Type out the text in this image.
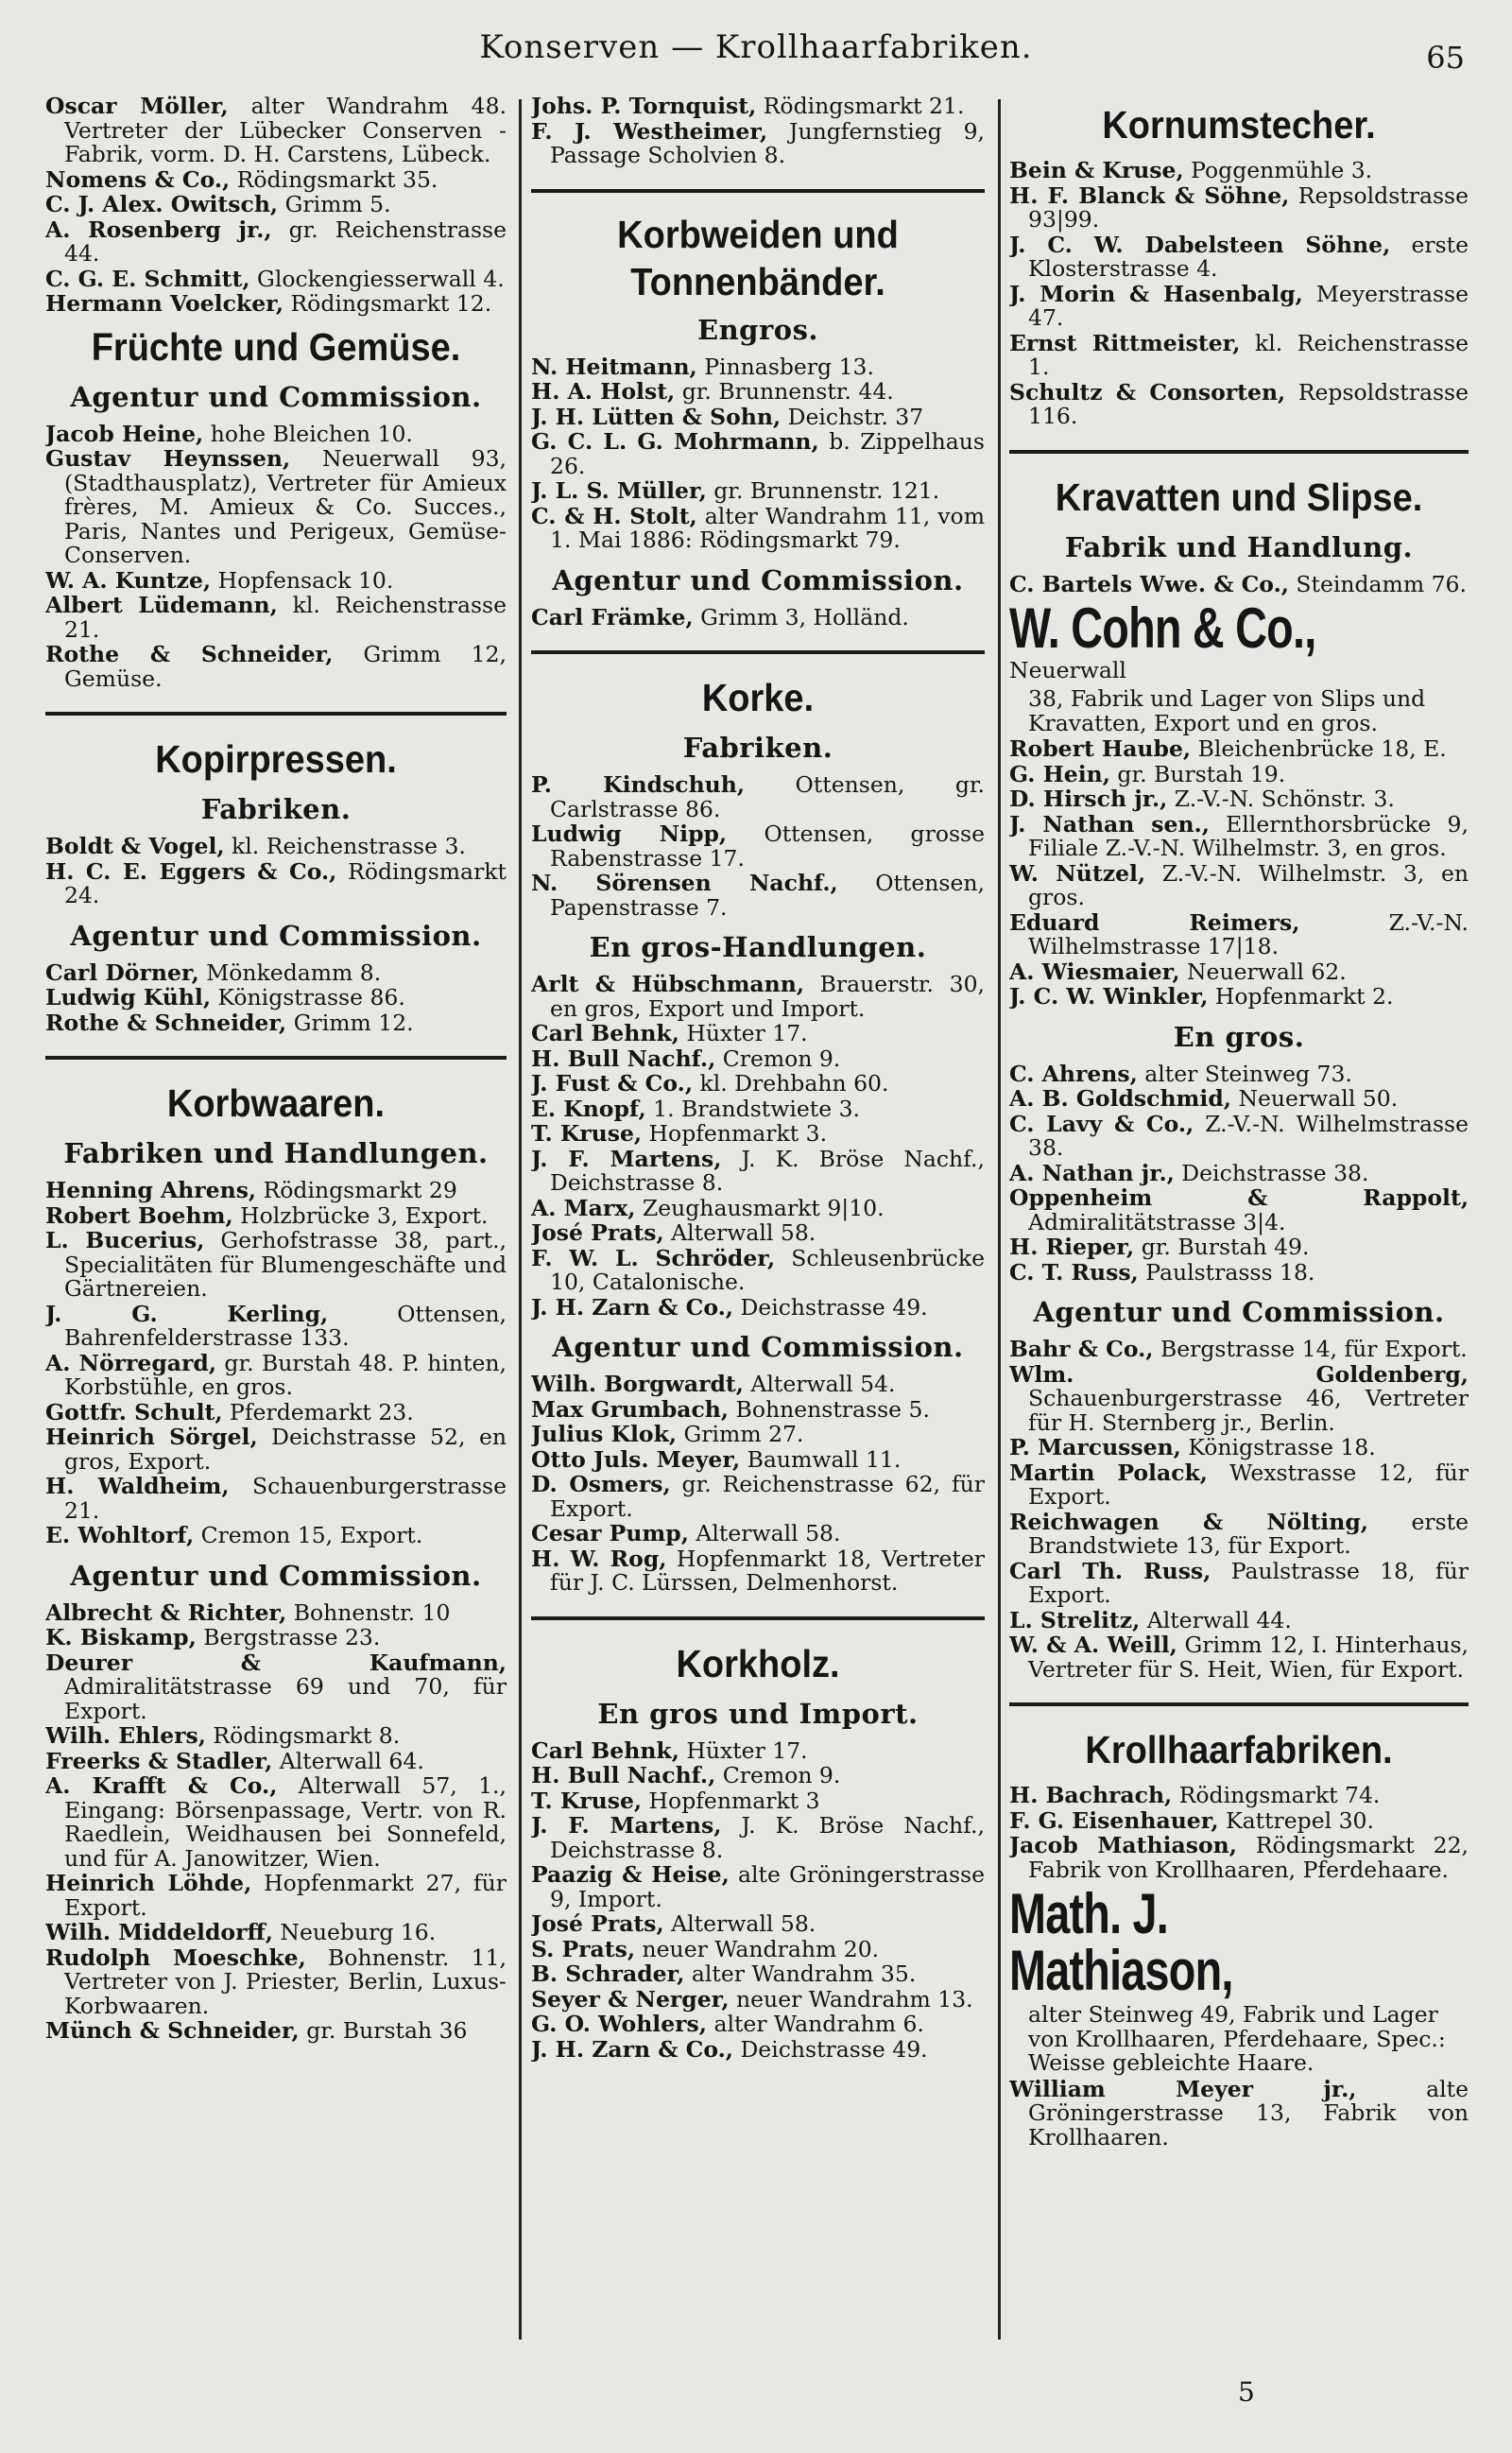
Konserven — Krollhaarfabriken.	65
Oscar Möller, alter Wandrahm 48. Vertreter der Lübecker Conserven - Fabrik, vorm. D. H. Carstens, Lübeck.
Nomens & Co., Rödingsmarkt 35.
C. J. Alex. Owitsch, Grimm 5.
A. Rosenberg jr., gr. Reichenstrasse 44.
C. G. E. Schmitt, Glockengiesserwall 4.
Hermann Voelcker, Rödingsmarkt 12.
Früchte und Gemüse.
Agentur und Commission.
Jacob Heine, hohe Bleichen 10.
Gustav Heynssen, Neuerwall 93, (Stadthausplatz), Vertreter für Amieux frères, M. Amieux & Co. Succes., Paris, Nantes und Perigeux, Gemüse-Conserven.
W. A. Kuntze, Hopfensack 10.
Albert Lüdemann, kl. Reichenstrasse 21.
Rothe & Schneider, Grimm 12, Gemüse.
Kopirpressen.
Fabriken.
Boldt & Vogel, kl. Reichenstrasse 3.
H. C. E. Eggers & Co., Rödingsmarkt 24.
Agentur und Commission.
Carl Dörner, Mönkedamm 8.
Ludwig Kühl, Königstrasse 86.
Rothe & Schneider, Grimm 12.
Korbwaaren.
Fabriken und Handlungen.
Henning Ahrens, Rödingsmarkt 29
Robert Boehm, Holzbrücke 3, Export.
L. Bucerius, Gerhofstrasse 38, part., Specialitäten für Blumengeschäfte und Gärtnereien.
J. G. Kerling, Ottensen, Bahrenfelderstrasse 133.
A. Nörregard, gr. Burstah 48. P. hinten, Korbstühle, en gros.
Gottfr. Schult, Pferdemarkt 23.
Heinrich Sörgel, Deichstrasse 52, en gros, Export.
H. Waldheim, Schauenburgerstrasse 21.
E. Wohltorf, Cremon 15, Export.
Agentur und Commission.
Albrecht & Richter, Bohnenstr. 10
K. Biskamp, Bergstrasse 23.
Deurer & Kaufmann, Admiralitätstrasse 69 und 70, für Export.
Wilh. Ehlers, Rödingsmarkt 8.
Freerks & Stadler, Alterwall 64.
A. Krafft & Co., Alterwall 57, 1., Eingang: Börsenpassage, Vertr. von R. Raedlein, Weidhausen bei Sonnefeld, und für A. Janowitzer, Wien.
Heinrich Löhde, Hopfenmarkt 27, für Export.
Wilh. Middeldorff, Neueburg 16.
Rudolph Moeschke, Bohnenstr. 11, Vertreter von J. Priester, Berlin, Luxus-Korbwaaren.
Münch & Schneider, gr. Burstah 36
Johs. P. Tornquist, Rödingsmarkt 21.
F. J. Westheimer, Jungfernstieg 9, Passage Scholvien 8.
Korbweiden und Tonnenbänder.
Engros.
N. Heitmann, Pinnasberg 13.
H. A. Holst, gr. Brunnenstr. 44.
J. H. Lütten & Sohn, Deichstr. 37
G. C. L. G. Mohrmann, b. Zippelhaus 26.
J. L. S. Müller, gr. Brunnenstr. 121.
C. & H. Stolt, alter Wandrahm 11, vom 1. Mai 1886: Rödingsmarkt 79.
Agentur und Commission.
Carl Främke, Grimm 3, Holländ.
Korke.
Fabriken.
P. Kindschuh, Ottensen, gr. Carlstrasse 86.
Ludwig Nipp, Ottensen, grosse Rabenstrasse 17.
N. Sörensen Nachf., Ottensen, Papenstrasse 7.
En gros-Handlungen.
Arlt & Hübschmann, Brauerstr. 30, en gros, Export und Import.
Carl Behnk, Hüxter 17.
H. Bull Nachf., Cremon 9.
J. Fust & Co., kl. Drehbahn 60.
E. Knopf, 1. Brandstwiete 3.
T. Kruse, Hopfenmarkt 3.
J. F. Martens, J. K. Bröse Nachf., Deichstrasse 8.
A. Marx, Zeughausmarkt 9|10.
José Prats, Alterwall 58.
F. W. L. Schröder, Schleusenbrücke 10, Catalonische.
J. H. Zarn & Co., Deichstrasse 49.
Agentur und Commission.
Wilh. Borgwardt, Alterwall 54.
Max Grumbach, Bohnenstrasse 5.
Julius Klok, Grimm 27.
Otto Juls. Meyer, Baumwall 11.
D. Osmers, gr. Reichenstrasse 62, für Export.
Cesar Pump, Alterwall 58.
H. W. Rog, Hopfenmarkt 18, Vertreter für J. C. Lürssen, Delmenhorst.
Korkholz.
En gros und Import.
Carl Behnk, Hüxter 17.
H. Bull Nachf., Cremon 9.
T. Kruse, Hopfenmarkt 3
J. F. Martens, J. K. Bröse Nachf., Deichstrasse 8.
Paazig & Heise, alte Gröningerstrasse 9, Import.
José Prats, Alterwall 58.
S. Prats, neuer Wandrahm 20.
B. Schrader, alter Wandrahm 35.
Seyer & Nerger, neuer Wandrahm 13.
G. O. Wohlers, alter Wandrahm 6.
J. H. Zarn & Co., Deichstrasse 49.
Kornumstecher.
Bein & Kruse, Poggenmühle 3.
H. F. Blanck & Söhne, Repsoldstrasse 93|99.
J. C. W. Dabelsteen Söhne, erste Klosterstrasse 4.
J. Morin & Hasenbalg, Meyerstrasse 47.
Ernst Rittmeister, kl. Reichenstrasse 1.
Schultz & Consorten, Repsoldstrasse 116.
Kravatten und Slipse.
Fabrik und Handlung.
C. Bartels Wwe. & Co., Steindamm 76.
W. Cohn & Co., Neuerwall
38, Fabrik und Lager von Slips und Kravatten, Export und en gros.
Robert Haube, Bleichenbrücke 18, E.
G. Hein, gr. Burstah 19.
D. Hirsch jr., Z.-V.-N. Schönstr. 3.
J. Nathan sen., Ellernthorsbrücke 9, Filiale Z.-V.-N. Wilhelmstr. 3, en gros.
W. Nützel, Z.-V.-N. Wilhelmstr. 3, en gros.
Eduard Reimers, Z.-V.-N. Wilhelmstrasse 17|18.
A. Wiesmaier, Neuerwall 62.
J. C. W. Winkler, Hopfenmarkt 2.
En gros.
C. Ahrens, alter Steinweg 73.
A. B. Goldschmid, Neuerwall 50.
C. Lavy & Co., Z.-V.-N. Wilhelmstrasse 38.
A. Nathan jr., Deichstrasse 38.
Oppenheim & Rappolt, Admiralitätstrasse 3|4.
H. Rieper, gr. Burstah 49.
C. T. Russ, Paulstrasss 18.
Agentur und Commission.
Bahr & Co., Bergstrasse 14, für Export.
Wlm. Goldenberg, Schauenburgerstrasse 46, Vertreter für H. Sternberg jr., Berlin.
P. Marcussen, Königstrasse 18.
Martin Polack, Wexstrasse 12, für Export.
Reichwagen & Nölting, erste Brandstwiete 13, für Export.
Carl Th. Russ, Paulstrasse 18, für Export.
L. Strelitz, Alterwall 44.
W. & A. Weill, Grimm 12, I. Hinterhaus, Vertreter für S. Heit, Wien, für Export.
Krollhaarfabriken.
H. Bachrach, Rödingsmarkt 74.
F. G. Eisenhauer, Kattrepel 30.
Jacob Mathiason, Rödingsmarkt 22, Fabrik von Krollhaaren, Pferdehaare.
Math. J. Mathiason,
alter Steinweg 49, Fabrik und Lager von Krollhaaren, Pferdehaare, Spec.: Weisse gebleichte Haare.
William Meyer jr., alte Gröningerstrasse 13, Fabrik von Krollhaaren.
5
